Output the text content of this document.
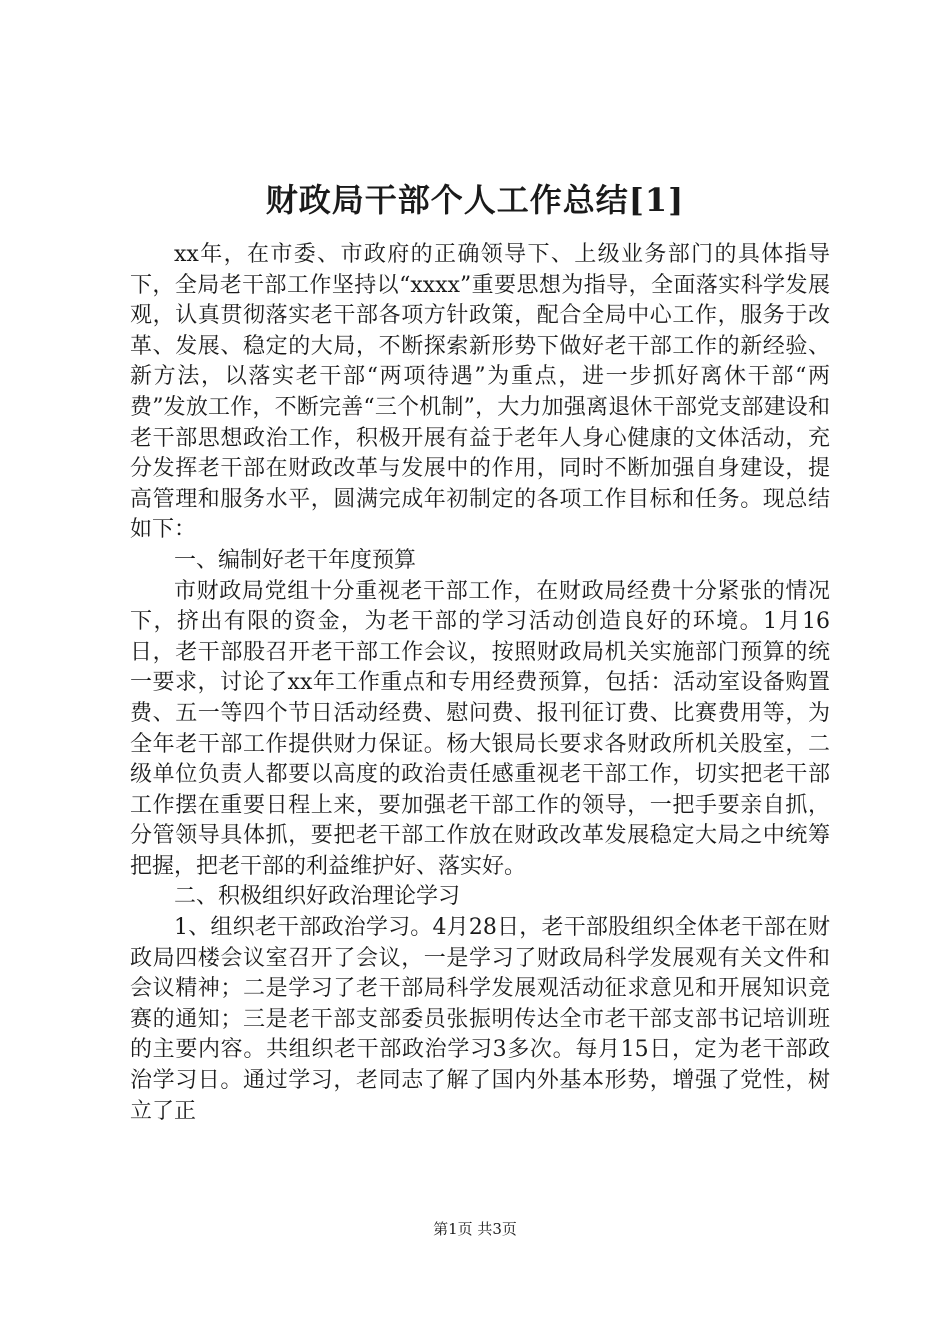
财政局干部个人工作总结[1]

xx年，在市委、市政府的正确领导下、上级业务部门的具体指导下，全局老干部工作坚持以“xxxx”重要思想为指导，全面落实科学发展观，认真贯彻落实老干部各项方针政策，配合全局中心工作，服务于改革、发展、稳定的大局，不断探索新形势下做好老干部工作的新经验、新方法，以落实老干部“两项待遇”为重点，进一步抓好离休干部“两费”发放工作，不断完善“三个机制”，大力加强离退休干部党支部建设和老干部思想政治工作，积极开展有益于老年人身心健康的文体活动，充分发挥老干部在财政改革与发展中的作用，同时不断加强自身建设，提高管理和服务水平，圆满完成年初制定的各项工作目标和任务。现总结如下：

一、编制好老干年度预算

市财政局党组十分重视老干部工作，在财政局经费十分紧张的情况下，挤出有限的资金，为老干部的学习活动创造良好的环境。1月16日，老干部股召开老干部工作会议，按照财政局机关实施部门预算的统一要求，讨论了xx年工作重点和专用经费预算，包括：活动室设备购置费、五一等四个节日活动经费、慰问费、报刊征订费、比赛费用等，为全年老干部工作提供财力保证。杨大银局长要求各财政所机关股室，二级单位负责人都要以高度的政治责任感重视老干部工作，切实把老干部工作摆在重要日程上来，要加强老干部工作的领导，一把手要亲自抓，分管领导具体抓，要把老干部工作放在财政改革发展稳定大局之中统筹把握，把老干部的利益维护好、落实好。

二、积极组织好政治理论学习

1、组织老干部政治学习。4月28日，老干部股组织全体老干部在财政局四楼会议室召开了会议，一是学习了财政局科学发展观有关文件和会议精神；二是学习了老干部局科学发展观活动征求意见和开展知识竞赛的通知；三是老干部支部委员张振明传达全市老干部支部书记培训班的主要内容。共组织老干部政治学习3多次。每月15日，定为老干部政治学习日。通过学习，老同志了解了国内外基本形势，增强了党性，树立了正

第1页 共3页
